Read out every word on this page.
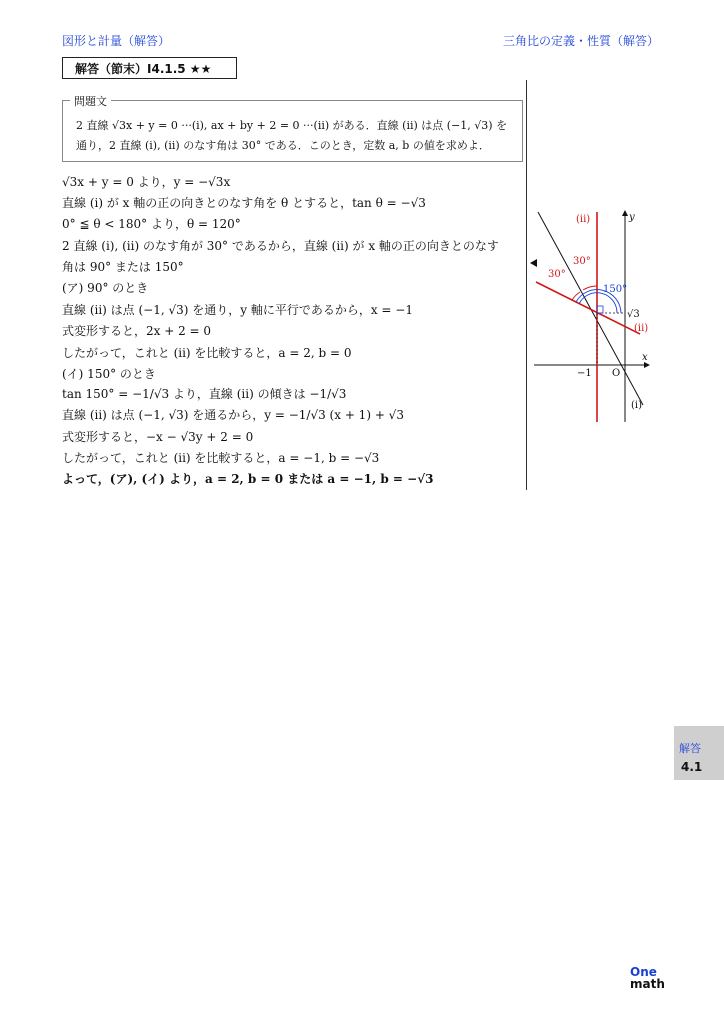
図形と計量（解答）	三角比の定義・性質（解答）
解答（節末）I4.1.5 ★★
問題文
2 直線 √3x + y = 0 ···(i), ax + by + 2 = 0 ···(ii) がある．直線 (ii) は点 (−1, √3) を
通り，2 直線 (i), (ii) のなす角は 30° である．このとき，定数 a, b の値を求めよ．
√3x + y = 0 より，y = −√3x
直線 (i) が x 軸の正の向きとのなす角を θ とすると，tan θ = −√3
0° ≦ θ < 180° より，θ = 120°
2 直線 (i), (ii) のなす角が 30° であるから，直線 (ii) が x 軸の正の向きとのなす
角は 90° または 150°
(ア) 90° のとき
直線 (ii) は点 (−1, √3) を通り，y 軸に平行であるから，x = −1
式変形すると，2x + 2 = 0
したがって，これと (ii) を比較すると，a = 2, b = 0
(イ) 150° のとき
tan 150° = −1/√3 より，直線 (ii) の傾きは −1/√3
直線 (ii) は点 (−1, √3) を通るから，y = −1/√3 (x + 1) + √3
式変形すると，−x − √3y + 2 = 0
したがって，これと (ii) を比較すると，a = −1, b = −√3
よって，(ア), (イ) より，a = 2, b = 0 または a = −1, b = −√3
(ii)
30°
30°
150°
√3
(ii)
x
y
−1 O
(i)
解答
4.1
One
math
